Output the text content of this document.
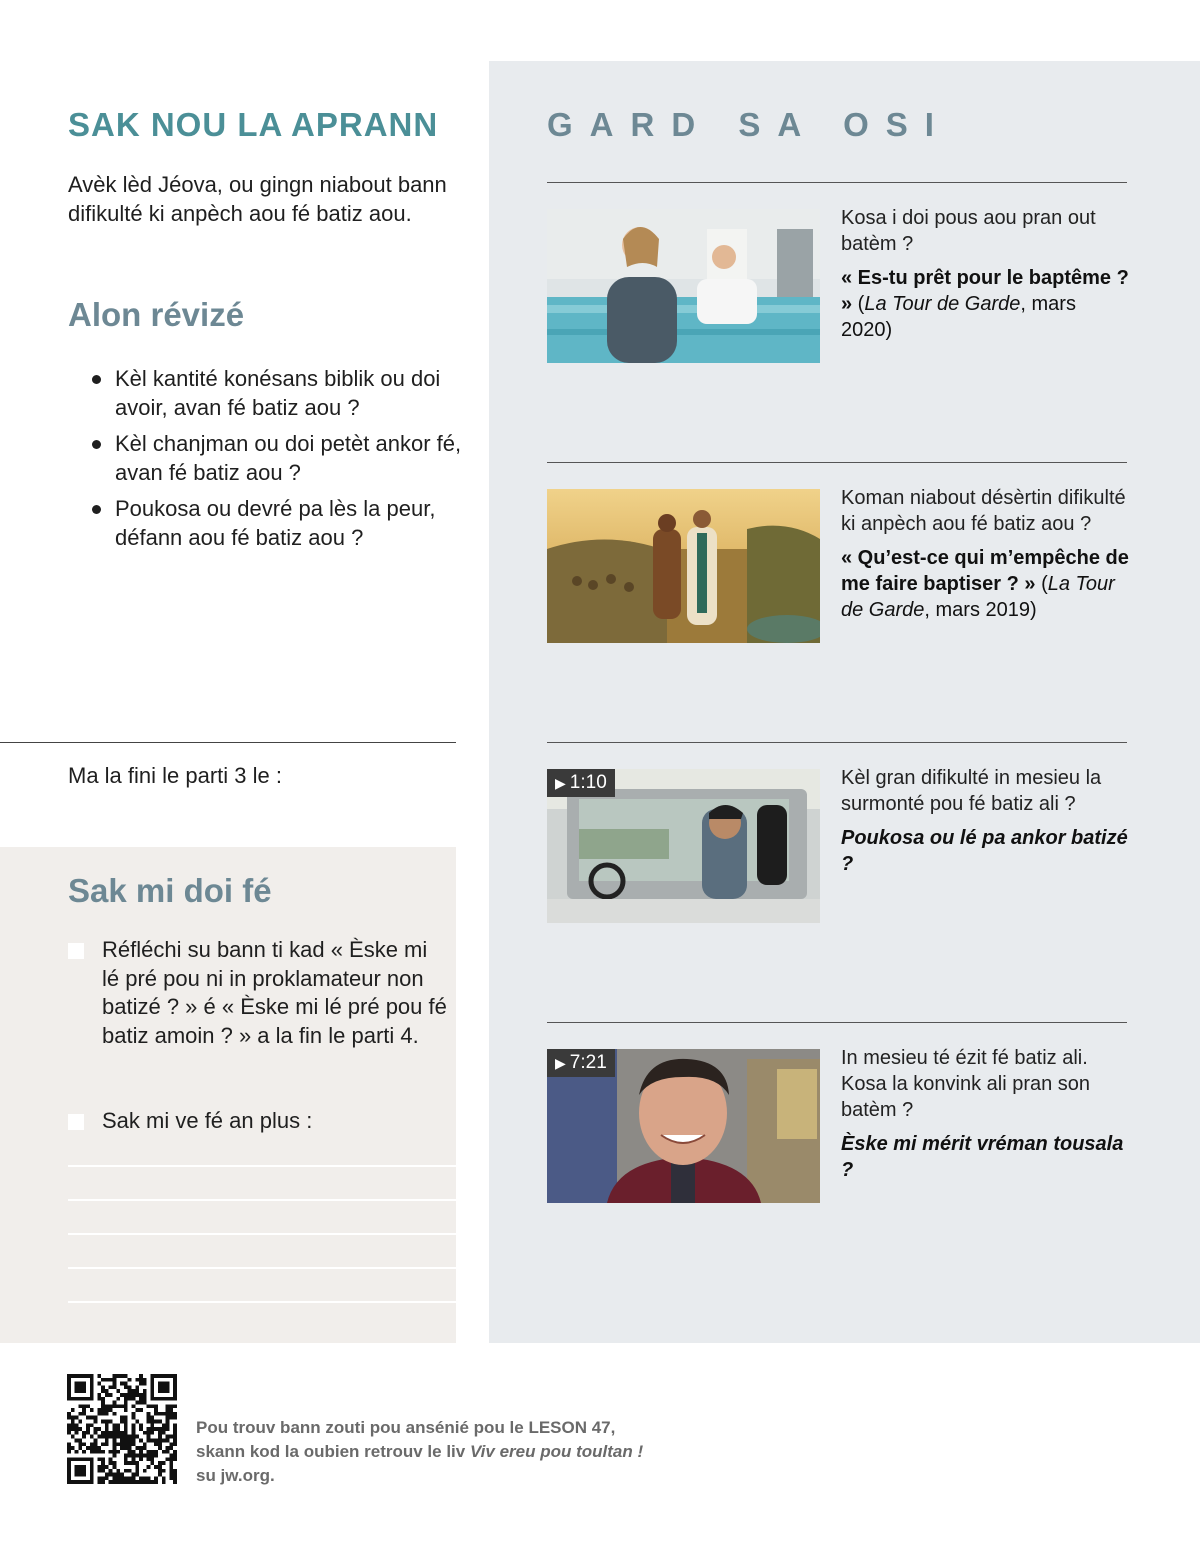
SAK NOU LA APRANN

Avèk lèd Jéova, ou gingn niabout bann difikulté ki anpèch aou fé batiz aou.

Alon révizé
Kèl kantité konésans biblik ou doi avoir, avan fé batiz aou ?
Kèl chanjman ou doi petèt ankor fé, avan fé batiz aou ?
Poukosa ou devré pa lès la peur, défann aou fé batiz aou ?
Ma la fini le parti 3 le :
Sak mi doi fé
Réfléchi su bann ti kad « Èske mi lé pré pou ni in proklamateur non batizé ? » é « Èske mi lé pré pou fé batiz amoin ? » a la fin le parti 4.
Sak mi ve fé an plus :
GARD SA OSI
Kosa i doi pous aou pran out batèm ?
« Es-tu prêt pour le baptême ? » (La Tour de Garde, mars 2020)
Koman niabout désèrtin difikulté ki anpèch aou fé batiz aou ?
« Qu’est-ce qui m’empêche de me faire baptiser ? » (La Tour de Garde, mars 2019)
▶ 1:10	Kèl gran difikulté in mesieu la surmonté pou fé batiz ali ?
Poukosa ou lé pa ankor batizé ?
▶ 7:21	In mesieu té ézit fé batiz ali. Kosa la konvink ali pran son batèm ?
Èske mi mérit vréman tousala ?
Pou trouv bann zouti pou ansénié pou le LESON 47,
skann kod la oubien retrouv le liv Viv ereu pou toultan !
su jw.org.
